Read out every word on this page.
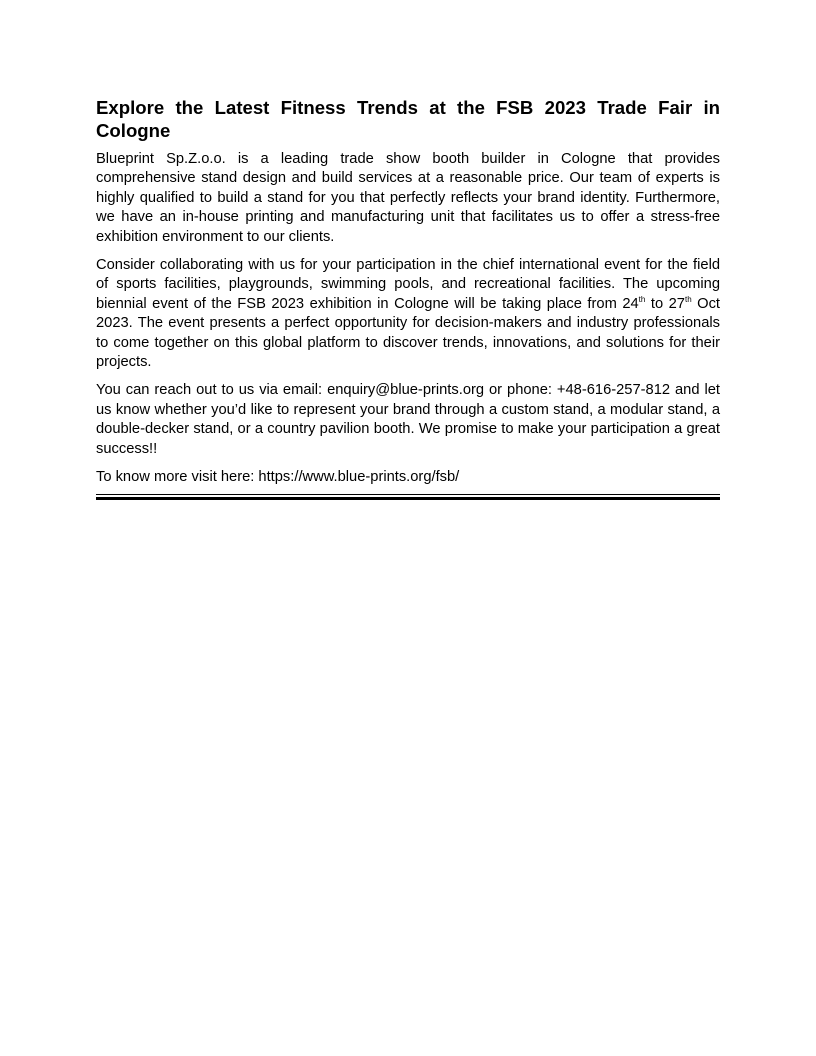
Explore the Latest Fitness Trends at the FSB 2023 Trade Fair in Cologne

Blueprint Sp.Z.o.o. is a leading trade show booth builder in Cologne that provides comprehensive stand design and build services at a reasonable price. Our team of experts is highly qualified to build a stand for you that perfectly reflects your brand identity. Furthermore, we have an in-house printing and manufacturing unit that facilitates us to offer a stress-free exhibition environment to our clients.

Consider collaborating with us for your participation in the chief international event for the field of sports facilities, playgrounds, swimming pools, and recreational facilities. The upcoming biennial event of the FSB 2023 exhibition in Cologne will be taking place from 24th to 27th Oct 2023. The event presents a perfect opportunity for decision-makers and industry professionals to come together on this global platform to discover trends, innovations, and solutions for their projects.

You can reach out to us via email: enquiry@blue-prints.org or phone: +48-616-257-812 and let us know whether you’d like to represent your brand through a custom stand, a modular stand, a double-decker stand, or a country pavilion booth. We promise to make your participation a great success!!

To know more visit here: https://www.blue-prints.org/fsb/
